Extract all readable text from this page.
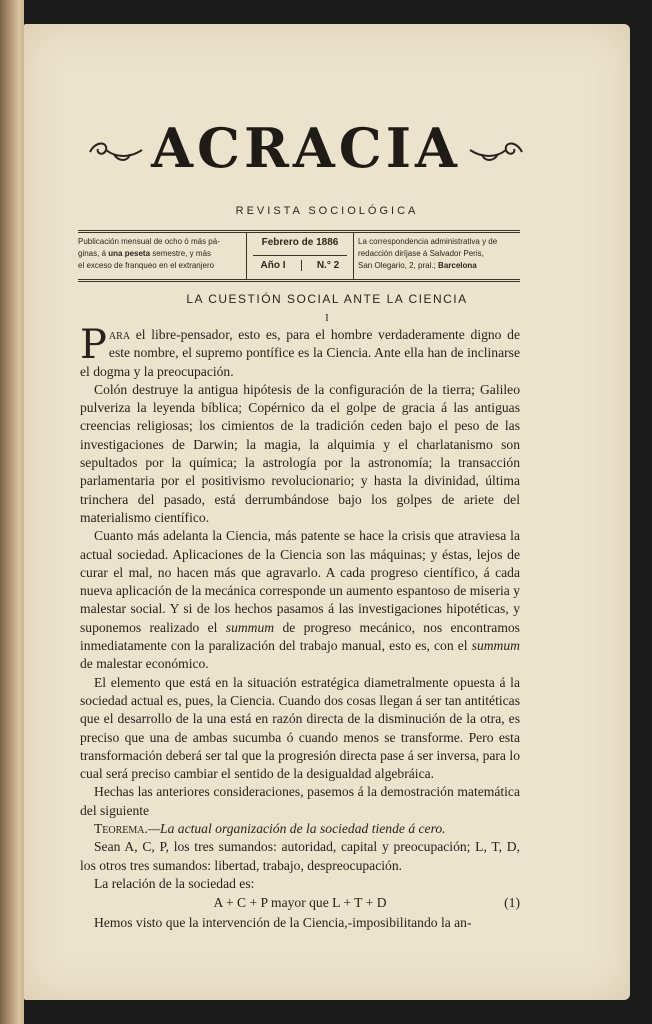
ACRACIA
REVISTA SOCIOLÓGICA
Publicación mensual de ocho ó más pá-
ginas, á una peseta semestre, y más
el exceso de franqueo en el extranjero
Febrero de 1886
Año I	N.° 2
La correspondencia administrativa y de
redacción diríjase á Salvador Peris,
San Olegario, 2, pral.; Barcelona
LA CUESTIÓN SOCIAL ANTE LA CIENCIA
I

Para el libre-pensador, esto es, para el hombre verdaderamente digno de este nombre, el supremo pontífice es la Ciencia. Ante ella han de inclinarse el dogma y la preocupación.

Colón destruye la antigua hipótesis de la configuración de la tierra; Galileo pulveriza la leyenda bíblica; Copérnico da el golpe de gracia á las antiguas creencias religiosas; los cimientos de la tradición ceden bajo el peso de las investigaciones de Darwin; la magia, la alquimia y el charlatanismo son sepultados por la química; la astrología por la astronomía; la transacción parlamentaria por el positivismo revolucionario; y hasta la divinidad, última trinchera del pasado, está derrumbándose bajo los golpes de ariete del materialismo científico.

Cuanto más adelanta la Ciencia, más patente se hace la crisis que atraviesa la actual sociedad. Aplicaciones de la Ciencia son las máquinas; y éstas, lejos de curar el mal, no hacen más que agravarlo. A cada progreso científico, á cada nueva aplicación de la mecánica corresponde un aumento espantoso de miseria y malestar social. Y si de los hechos pasamos á las investigaciones hipotéticas, y suponemos realizado el summum de progreso mecánico, nos encontramos inmediatamente con la paralización del trabajo manual, esto es, con el summum de malestar económico.

El elemento que está en la situación estratégica diametralmente opuesta á la sociedad actual es, pues, la Ciencia. Cuando dos cosas llegan á ser tan antitéticas que el desarrollo de la una está en razón directa de la disminución de la otra, es preciso que una de ambas sucumba ó cuando menos se transforme. Pero esta transformación deberá ser tal que la progresión directa pase á ser inversa, para lo cual será preciso cambiar el sentido de la desigualdad algebráica.

Hechas las anteriores consideraciones, pasemos á la demostración matemática del siguiente

Teorema.—La actual organización de la sociedad tiende á cero.

Sean A, C, P, los tres sumandos: autoridad, capital y preocupación; L, T, D, los otros tres sumandos: libertad, trabajo, despreocupación.

La relación de la sociedad es:

A + C + P mayor que L + T + D	(1)

Hemos visto que la intervención de la Ciencia,-imposibilitando la an-
